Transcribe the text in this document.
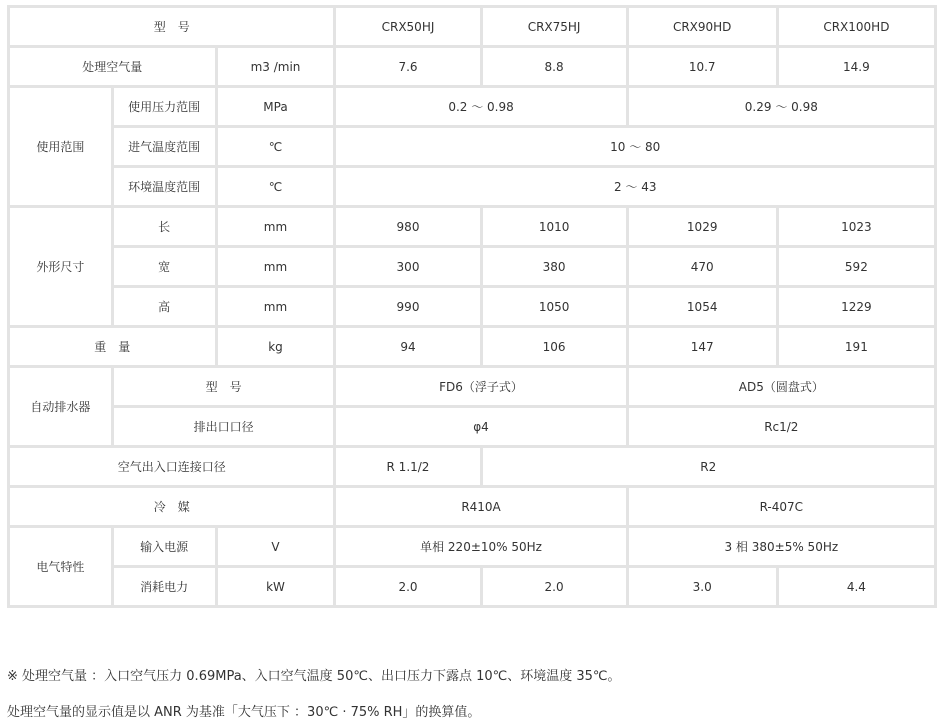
型　号			CRX50HJ	CRX75HJ	CRX90HD	CRX100HD
处理空气量		m3 /min	7.6	8.8	10.7	14.9
使用范围	使用压力范围	MPa	0.2 ～ 0.98		0.29 ～ 0.98	
	进气温度范围	℃	10 ～ 80			
	环境温度范围	℃	2 ～ 43			
外形尺寸	长	mm	980	1010	1029	1023
	宽	mm	300	380	470	592
	高	mm	990	1050	1054	1229
重　量		kg	94	106	147	191
自动排水器	型　号		FD6（浮子式）		AD5（圆盘式）	
	排出口口径		φ4		Rc1/2	
空气出入口连接口径			R 1.1/2	R2		
冷　媒			R410A		R-407C	
电气特性	输入电源	V	单相 220±10% 50Hz		3 相 380±5% 50Hz	
	消耗电力	kW	2.0	2.0	3.0	4.4

※ 处理空气量 ：入口空气压力 0.69MPa、入口空气温度 50℃、出口压力下露点 10℃、环境温度 35℃。

处理空气量的显示值是以 ANR 为基准「大气压下 ：30℃ · 75% RH」的换算值。
